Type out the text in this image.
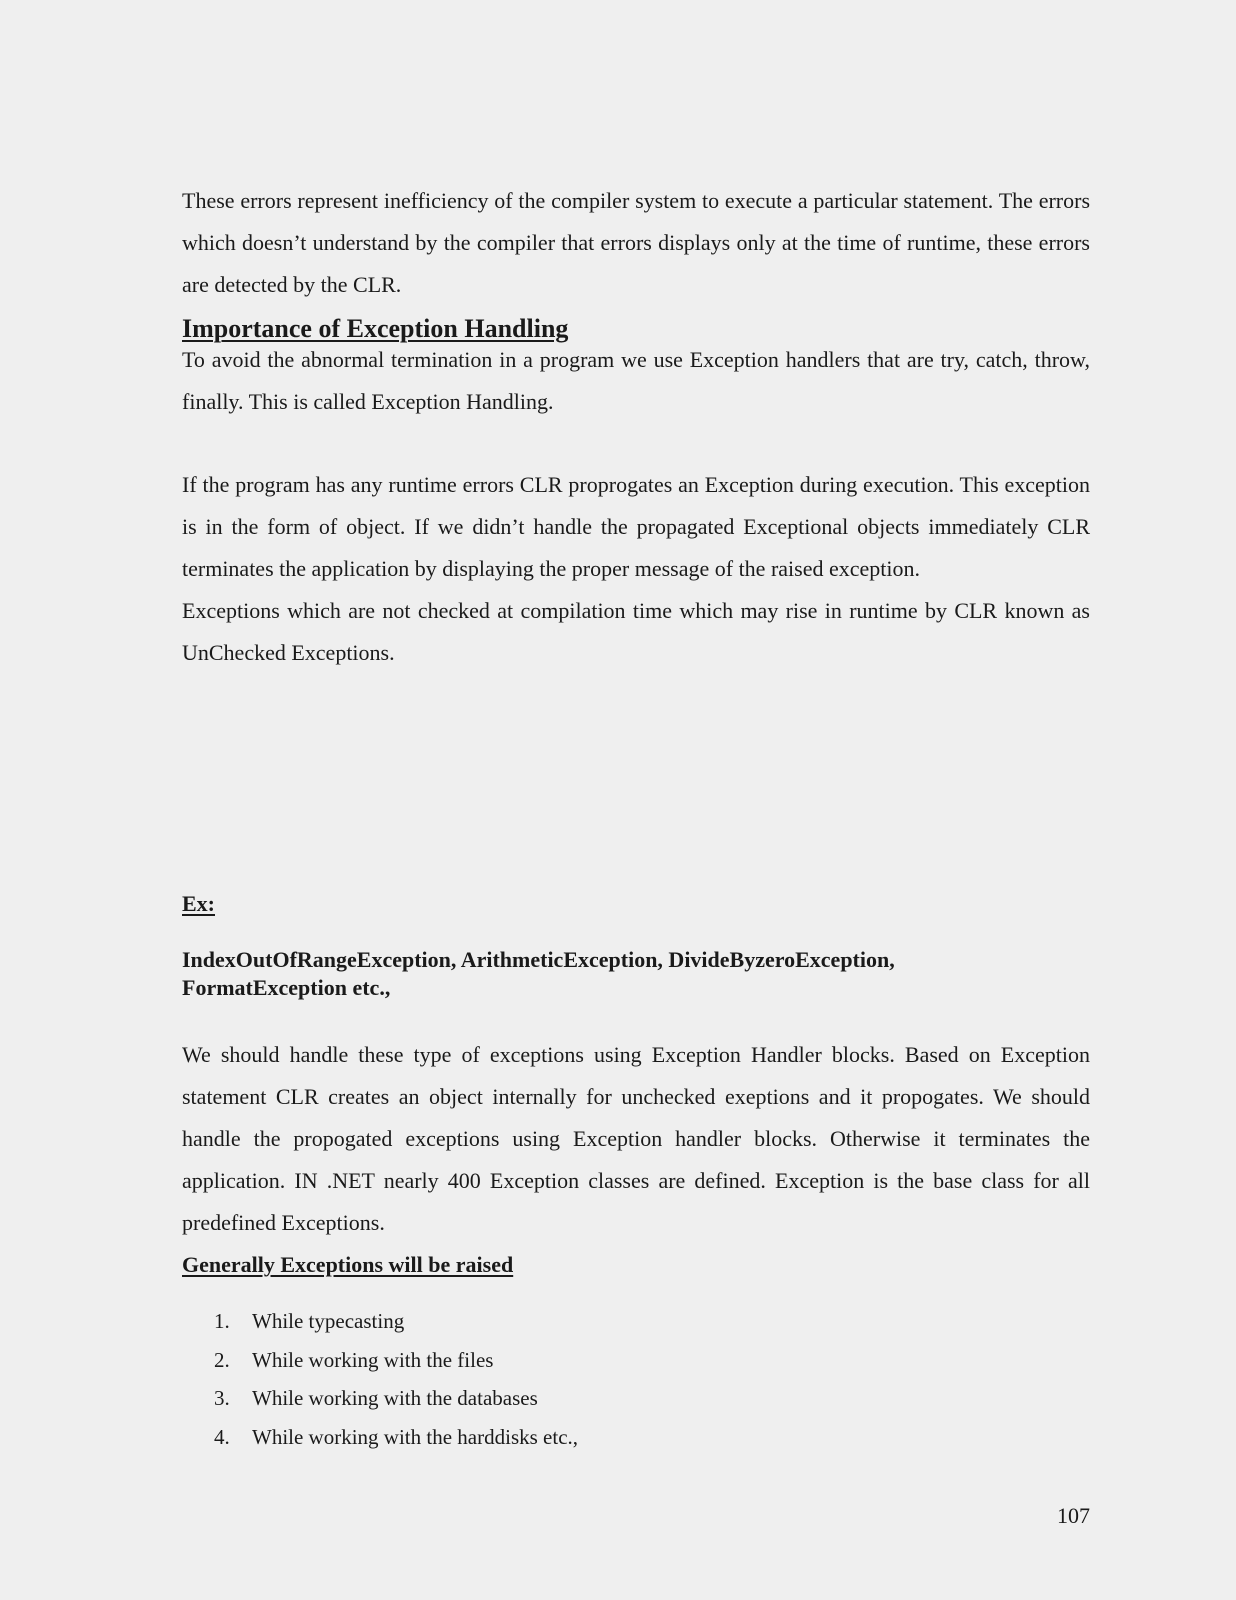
These errors represent inefficiency of the compiler system to execute a particular statement. The errors which doesn’t understand by the compiler that errors displays only at the time of runtime, these errors are detected by the CLR.

Importance of Exception Handling

To avoid the abnormal termination in a program we use Exception handlers that are try, catch, throw, finally. This is called Exception Handling.

If the program has any runtime errors CLR proprogates an Exception during execution. This exception is in the form of object. If we didn’t handle the propagated Exceptional objects immediately CLR terminates the application by displaying the proper message of the raised exception.

Exceptions which are not checked at compilation time which may rise in runtime by CLR known as UnChecked Exceptions.

Ex:

IndexOutOfRangeException, ArithmeticException, DivideByzeroException,

FormatException etc.,

We should handle these type of exceptions using Exception Handler blocks. Based on Exception statement CLR creates an object internally for unchecked exeptions and it propogates. We should handle the propogated exceptions using Exception handler blocks. Otherwise it terminates the application. IN .NET nearly 400 Exception classes are defined. Exception is the base class for all predefined Exceptions.

Generally Exceptions will be raised
1.	While typecasting
2.	While working with the files
3.	While working with the databases
4.	While working with the harddisks etc.,
107
